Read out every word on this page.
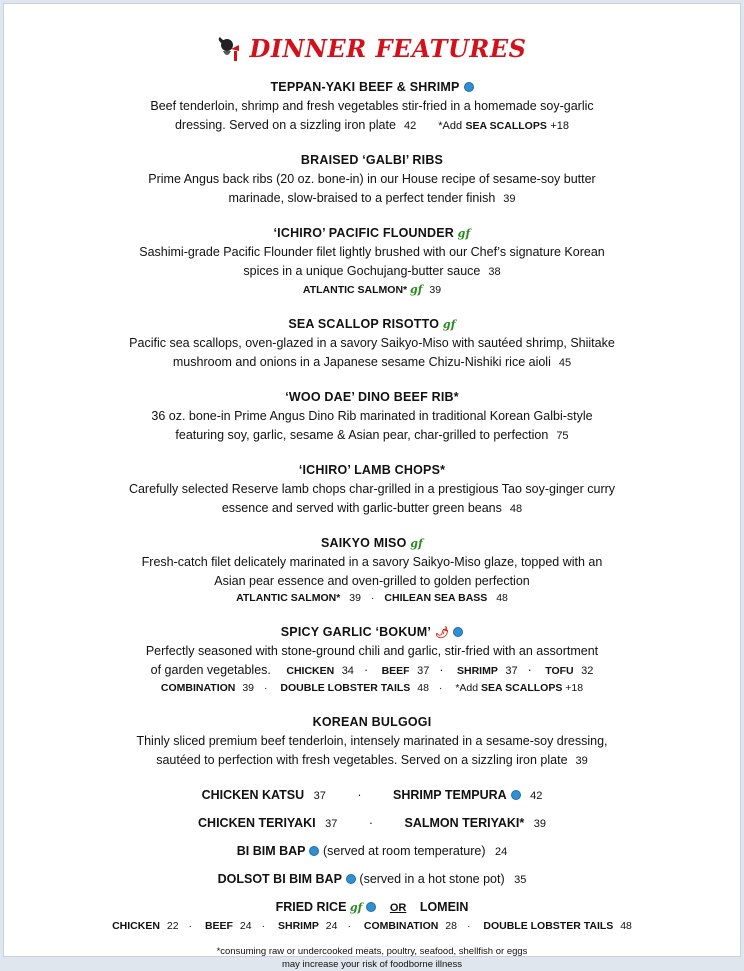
DINNER FEATURES
TEPPAN-YAKI BEEF & SHRIMP
Beef tenderloin, shrimp and fresh vegetables stir-fried in a homemade soy-garlic
dressing. Served on a sizzling iron plate 42 *Add SEA SCALLOPS +18
BRAISED ‘GALBI’ RIBS
Prime Angus back ribs (20 oz. bone-in) in our House recipe of sesame-soy butter
marinade, slow-braised to a perfect tender finish 39
‘ICHIRO’ PACIFIC FLOUNDER gf
Sashimi-grade Pacific Flounder filet lightly brushed with our Chef’s signature Korean
spices in a unique Gochujang-butter sauce 38
ATLANTIC SALMON* gf 39
SEA SCALLOP RISOTTO gf
Pacific sea scallops, oven-glazed in a savory Saikyo-Miso with sautéed shrimp, Shiitake
mushroom and onions in a Japanese sesame Chizu-Nishiki rice aioli 45
‘WOO DAE’ DINO BEEF RIB*
36 oz. bone-in Prime Angus Dino Rib marinated in traditional Korean Galbi-style
featuring soy, garlic, sesame & Asian pear, char-grilled to perfection 75
‘ICHIRO’ LAMB CHOPS*
Carefully selected Reserve lamb chops char-grilled in a prestigious Tao soy-ginger curry
essence and served with garlic-butter green beans 48
SAIKYO MISO gf
Fresh-catch filet delicately marinated in a savory Saikyo-Miso glaze, topped with an
Asian pear essence and oven-grilled to golden perfection
ATLANTIC SALMON* 39 · CHILEAN SEA BASS 48
SPICY GARLIC ‘BOKUM’ 🌶
Perfectly seasoned with stone-ground chili and garlic, stir-fried with an assortment
of garden vegetables. CHICKEN 34 · BEEF 37 · SHRIMP 37 · TOFU 32
COMBINATION 39 · DOUBLE LOBSTER TAILS 48 · *Add SEA SCALLOPS +18
KOREAN BULGOGI
Thinly sliced premium beef tenderloin, intensely marinated in a sesame-soy dressing,
sautéed to perfection with fresh vegetables. Served on a sizzling iron plate 39
CHICKEN KATSU 37	·	SHRIMP TEMPURA 42
CHICKEN TERIYAKI 37	·	SALMON TERIYAKI* 39
BI BIM BAP (served at room temperature) 24
DOLSOT BI BIM BAP (served in a hot stone pot) 35
FRIED RICE gf OR LOMEIN
CHICKEN 22 · BEEF 24 · SHRIMP 24 · COMBINATION 28 · DOUBLE LOBSTER TAILS 48
*consuming raw or undercooked meats, poultry, seafood, shellfish or eggs
may increase your risk of foodborne illness
